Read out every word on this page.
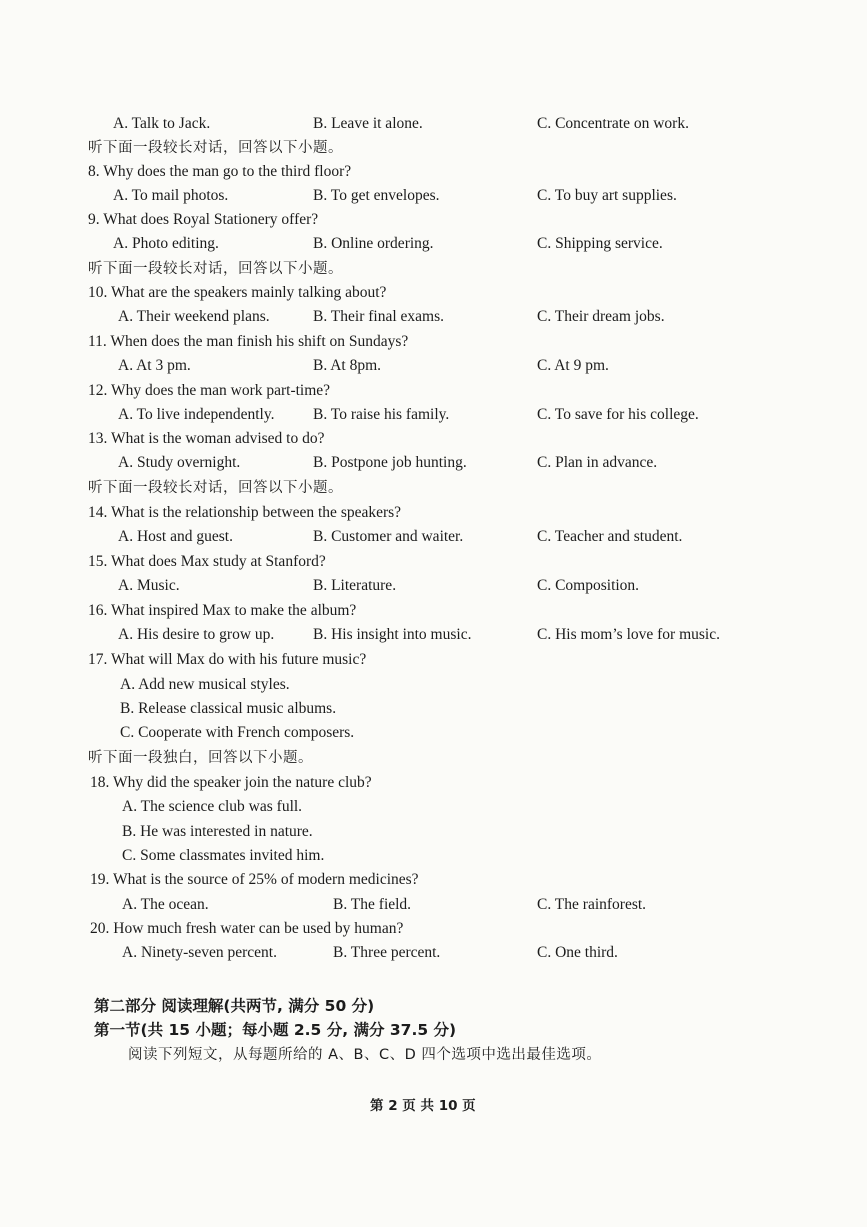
A. Talk to Jack.	B. Leave it alone.	C. Concentrate on work.
听下面一段较长对话，回答以下小题。
8. Why does the man go to the third floor?
A. To mail photos.	B. To get envelopes.	C. To buy art supplies.
9. What does Royal Stationery offer?
A. Photo editing.	B. Online ordering.	C. Shipping service.
听下面一段较长对话，回答以下小题。
10. What are the speakers mainly talking about?
A. Their weekend plans.	B. Their final exams.	C. Their dream jobs.
11. When does the man finish his shift on Sundays?
A. At 3 pm.	B. At 8pm.	C. At 9 pm.
12. Why does the man work part-time?
A. To live independently. B. To raise his family.	C. To save for his college.
13. What is the woman advised to do?
A. Study overnight.	B. Postpone job hunting.	C. Plan in advance.
听下面一段较长对话，回答以下小题。
14. What is the relationship between the speakers?
A. Host and guest.	B. Customer and waiter.	C. Teacher and student.
15. What does Max study at Stanford?
A. Music.	B. Literature.	C. Composition.
16. What inspired Max to make the album?
A. His desire to grow up. B. His insight into music.	C. His mom’s love for music.
17. What will Max do with his future music?
A. Add new musical styles.
B. Release classical music albums.
C. Cooperate with French composers.
听下面一段独白，回答以下小题。
18. Why did the speaker join the nature club?
A. The science club was full.
B. He was interested in nature.
C. Some classmates invited him.
19. What is the source of 25% of modern medicines?
A. The ocean.	B. The field.	C. The rainforest.
20. How much fresh water can be used by human?
A. Ninety-seven percent.	B. Three percent.	C. One third.
第二部分 阅读理解(共两节, 满分 50 分)
第一节(共 15 小题；每小题 2.5 分, 满分 37.5 分)
阅读下列短文，从每题所给的 A、B、C、D 四个选项中选出最佳选项。
第 2 页 共 10 页
